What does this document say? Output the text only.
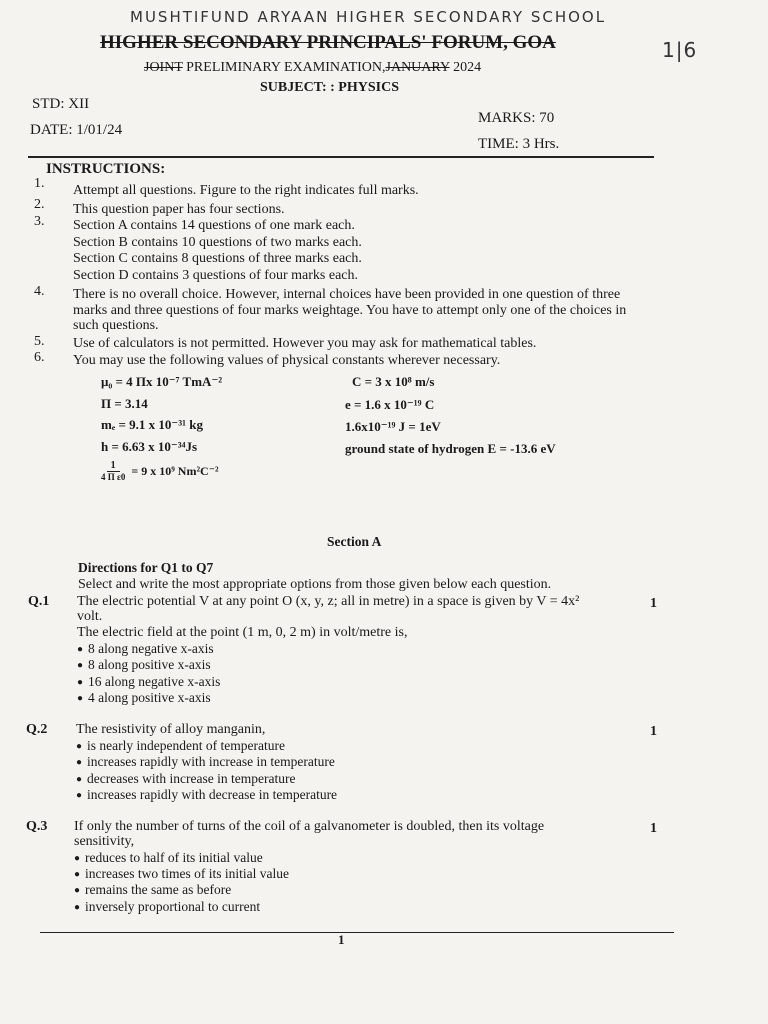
MUSHTIFUND ARYAAN HIGHER SECONDARY SCHOOL
HIGHER SECONDARY PRINCIPALS' FORUM, GOA	1|6
JOINT PRELIMINARY EXAMINATION,JANUARY 2024
SUBJECT: : PHYSICS
STD: XII
MARKS: 70
DATE: 1/01/24
TIME: 3 Hrs.
INSTRUCTIONS:
1. Attempt all questions. Figure to the right indicates full marks.
2. This question paper has four sections.
3. Section A contains 14 questions of one mark each.
Section B contains 10 questions of two marks each.
Section C contains 8 questions of three marks each.
Section D contains 3 questions of four marks each.
4. There is no overall choice. However, internal choices have been provided in one question of three
marks and three questions of four marks weightage. You have to attempt only one of the choices in
such questions.
5. Use of calculators is not permitted. However you may ask for mathematical tables.
6. You may use the following values of physical constants wherever necessary.
μ₀ = 4 Πx 10⁻⁷ TmA⁻²	C = 3 x 10⁸ m/s
Π = 3.14	e = 1.6 x 10⁻¹⁹ C
mₑ = 9.1 x 10⁻³¹ kg	1.6x10⁻¹⁹ J = 1eV
h = 6.63 x 10⁻³⁴Js	ground state of hydrogen E = -13.6 eV
$\frac{1}{\text{4 Π ε0}} = 9$ x 10⁹ Nm²C⁻²
Section A
Directions for Q1 to Q7
Select and write the most appropriate options from those given below each question.
Q.1 The electric potential V at any point O (x, y, z; all in metre) in a space is given by V = 4x²	1
volt.
The electric field at the point (1 m, 0, 2 m) in volt/metre is,
● 8 along negative x-axis
● 8 along positive x-axis
● 16 along negative x-axis
● 4 along positive x-axis
Q.2 The resistivity of alloy manganin,	1
● is nearly independent of temperature
● increases rapidly with increase in temperature
● decreases with increase in temperature
● increases rapidly with decrease in temperature
Q.3 If only the number of turns of the coil of a galvanometer is doubled, then its voltage	1
sensitivity,
● reduces to half of its initial value
● increases two times of its initial value
● remains the same as before
● inversely proportional to current
1
